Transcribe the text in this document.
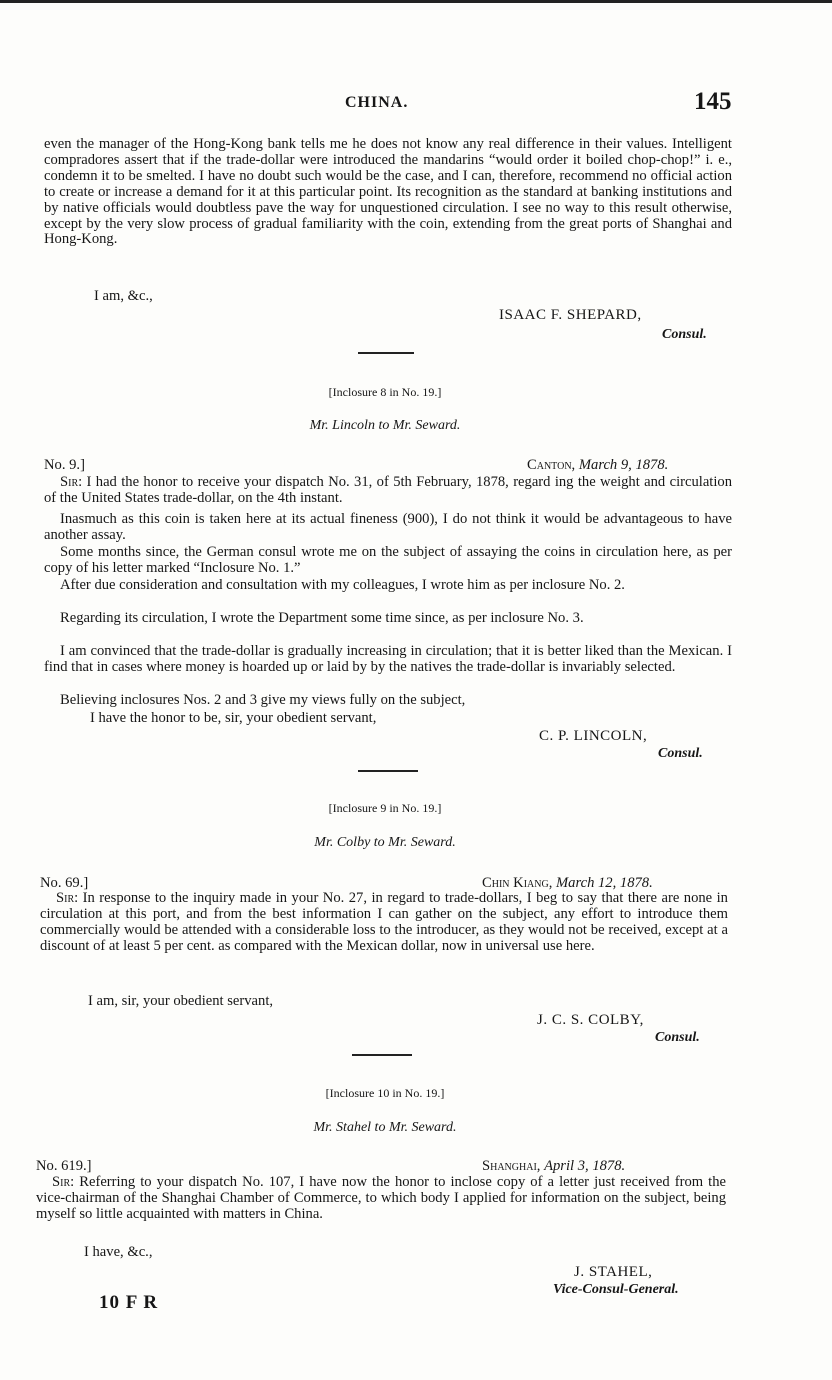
CHINA.	145

even the manager of the Hong-Kong bank tells me he does not know any real difference in their values. Intelligent compradores assert that if the trade-dollar were introduced the mandarins “would order it boiled chop-chop!” i. e., condemn it to be smelted. I have no doubt such would be the case, and I can, therefore, recommend no official action to create or increase a demand for it at this particular point. Its recognition as the standard at banking institutions and by native officials would doubtless pave the way for unquestioned circulation. I see no way to this result otherwise, except by the very slow process of gradual familiarity with the coin, extending from the great ports of Shanghai and Hong-Kong.

I am, &c.,
ISAAC F. SHEPARD,
Consul.
[Inclosure 8 in No. 19.]
Mr. Lincoln to Mr. Seward.
No. 9.]	Canton, March 9, 1878.

Sir: I had the honor to receive your dispatch No. 31, of 5th February, 1878, regard ing the weight and circulation of the United States trade-dollar, on the 4th instant.

Inasmuch as this coin is taken here at its actual fineness (900), I do not think it would be advantageous to have another assay.

Some months since, the German consul wrote me on the subject of assaying the coins in circulation here, as per copy of his letter marked “Inclosure No. 1.”

After due consideration and consultation with my colleagues, I wrote him as per inclosure No. 2.

Regarding its circulation, I wrote the Department some time since, as per inclosure No. 3.

I am convinced that the trade-dollar is gradually increasing in circulation; that it is better liked than the Mexican. I find that in cases where money is hoarded up or laid by by the natives the trade-dollar is invariably selected.

Believing inclosures Nos. 2 and 3 give my views fully on the subject,

I have the honor to be, sir, your obedient servant,
C. P. LINCOLN,
Consul.
[Inclosure 9 in No. 19.]
Mr. Colby to Mr. Seward.
No. 69.]	Chin Kiang, March 12, 1878.

Sir: In response to the inquiry made in your No. 27, in regard to trade-dollars, I beg to say that there are none in circulation at this port, and from the best information I can gather on the subject, any effort to introduce them commercially would be attended with a considerable loss to the introducer, as they would not be received, except at a discount of at least 5 per cent. as compared with the Mexican dollar, now in universal use here.

I am, sir, your obedient servant,
J. C. S. COLBY,
Consul.
[Inclosure 10 in No. 19.]
Mr. Stahel to Mr. Seward.
No. 619.]	Shanghai, April 3, 1878.

Sir: Referring to your dispatch No. 107, I have now the honor to inclose copy of a letter just received from the vice-chairman of the Shanghai Chamber of Commerce, to which body I applied for information on the subject, being myself so little acquainted with matters in China.

I have, &c.,
J. STAHEL,
Vice-Consul-General.
10 F R
